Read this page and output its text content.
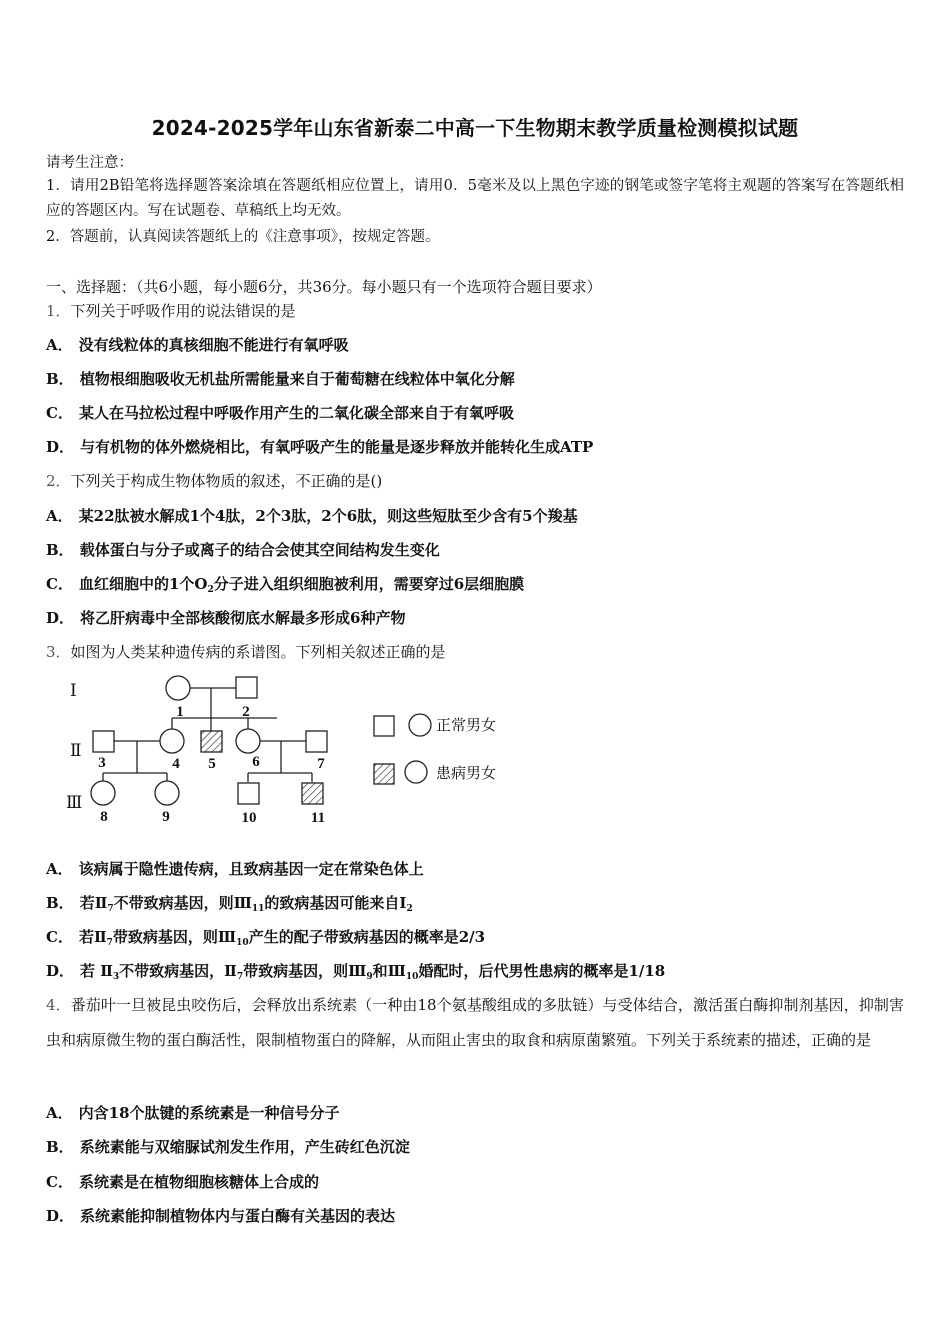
2024-2025学年山东省新泰二中高一下生物期末教学质量检测模拟试题
请考生注意：
1．请用2B铅笔将选择题答案涂填在答题纸相应位置上，请用0．5毫米及以上黑色字迹的钢笔或签字笔将主观题的答案写在答题纸相应的答题区内。写在试题卷、草稿纸上均无效。
2．答题前，认真阅读答题纸上的《注意事项》，按规定答题。
一、选择题：（共6小题，每小题6分，共36分。每小题只有一个选项符合题目要求）
1．下列关于呼吸作用的说法错误的是
A． 没有线粒体的真核细胞不能进行有氧呼吸
B． 植物根细胞吸收无机盐所需能量来自于葡萄糖在线粒体中氧化分解
C． 某人在马拉松过程中呼吸作用产生的二氧化碳全部来自于有氧呼吸
D． 与有机物的体外燃烧相比，有氧呼吸产生的能量是逐步释放并能转化生成ATP
2．下列关于构成生物体物质的叙述，不正确的是()
A． 某22肽被水解成1个4肽，2个3肽，2个6肽，则这些短肽至少含有5个羧基
B． 载体蛋白与分子或离子的结合会使其空间结构发生变化
C． 血红细胞中的1个$O_2$分子进入组织细胞被利用，需要穿过6层细胞膜
D． 将乙肝病毒中全部核酸彻底水解最多形成6种产物
3．如图为人类某种遗传病的系谱图。下列相关叙述正确的是
Ⅰ
Ⅱ
Ⅲ
1	2
3	4 5 6	7
8	9	10	11
正常男女
患病男女
A． 该病属于隐性遗传病，且致病基因一定在常染色体上
B． 若$Ⅱ_7$不带致病基因，则$Ⅲ_{11}$的致病基因可能来自$Ⅰ_2$
C． 若$Ⅱ_7$带致病基因，则$Ⅲ_{10}$产生的配子带致病基因的概率是2/3
D． 若 $Ⅱ_3$不带致病基因，$Ⅱ_7$带致病基因，则$Ⅲ_9$和$Ⅲ_{10}$婚配时，后代男性患病的概率是1/18
4．番茄叶一旦被昆虫咬伤后，会释放出系统素（一种由18个氨基酸组成的多肽链）与受体结合，激活蛋白酶抑制剂基因，抑制害虫和病原微生物的蛋白酶活性，限制植物蛋白的降解，从而阻止害虫的取食和病原菌繁殖。下列关于系统素的描述，正确的是
A． 内含18个肽键的系统素是一种信号分子
B． 系统素能与双缩脲试剂发生作用，产生砖红色沉淀
C． 系统素是在植物细胞核糖体上合成的
D． 系统素能抑制植物体内与蛋白酶有关基因的表达
